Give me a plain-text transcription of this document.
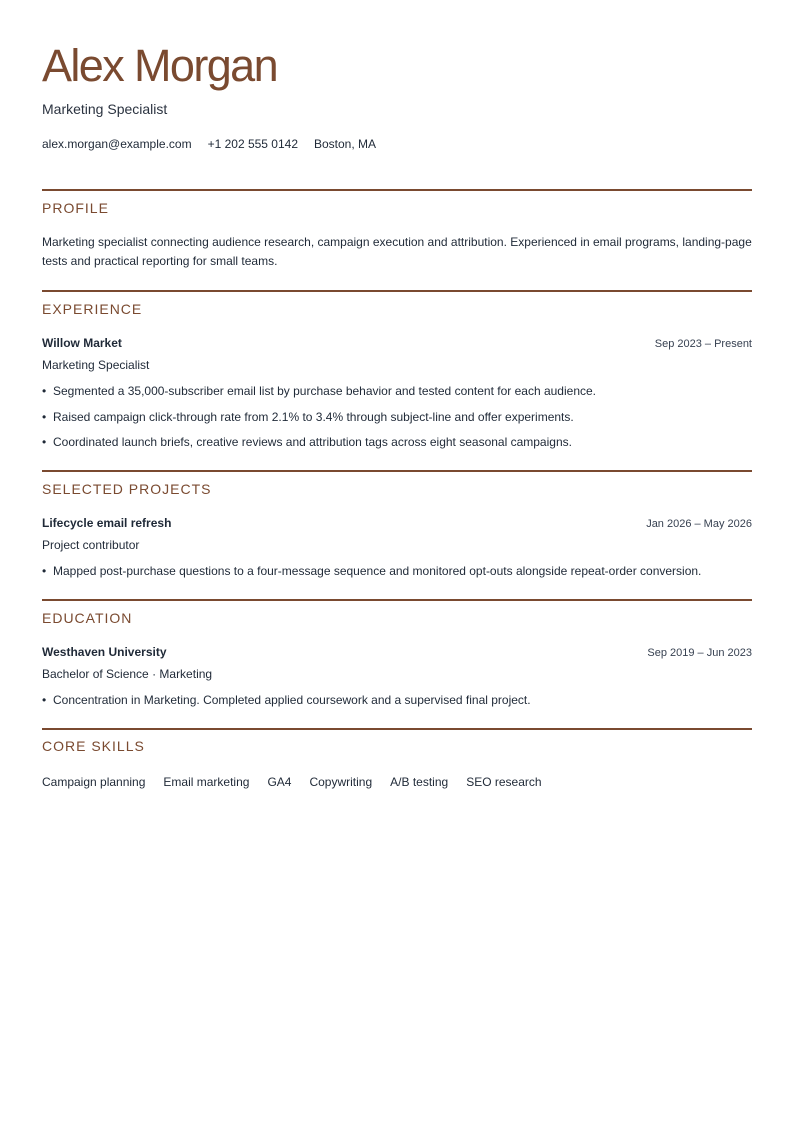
Alex Morgan
Marketing Specialist
alex.morgan@example.com +1 202 555 0142 Boston, MA
PROFILE

Marketing specialist connecting audience research, campaign execution and attribution. Experienced in email programs, landing-page tests and practical reporting for small teams.

EXPERIENCE
Willow Market	Sep 2023 – Present
Marketing Specialist
• Segmented a 35,000-subscriber email list by purchase behavior and tested content for each audience.
• Raised campaign click-through rate from 2.1% to 3.4% through subject-line and offer experiments.
• Coordinated launch briefs, creative reviews and attribution tags across eight seasonal campaigns.
SELECTED PROJECTS
Lifecycle email refresh	Jan 2026 – May 2026
Project contributor
• Mapped post-purchase questions to a four-message sequence and monitored opt-outs alongside repeat-order conversion.
EDUCATION
Westhaven University	Sep 2019 – Jun 2023
Bachelor of Science · Marketing
• Concentration in Marketing. Completed applied coursework and a supervised final project.
CORE SKILLS
Campaign planning Email marketing GA4 Copywriting A/B testing SEO research
